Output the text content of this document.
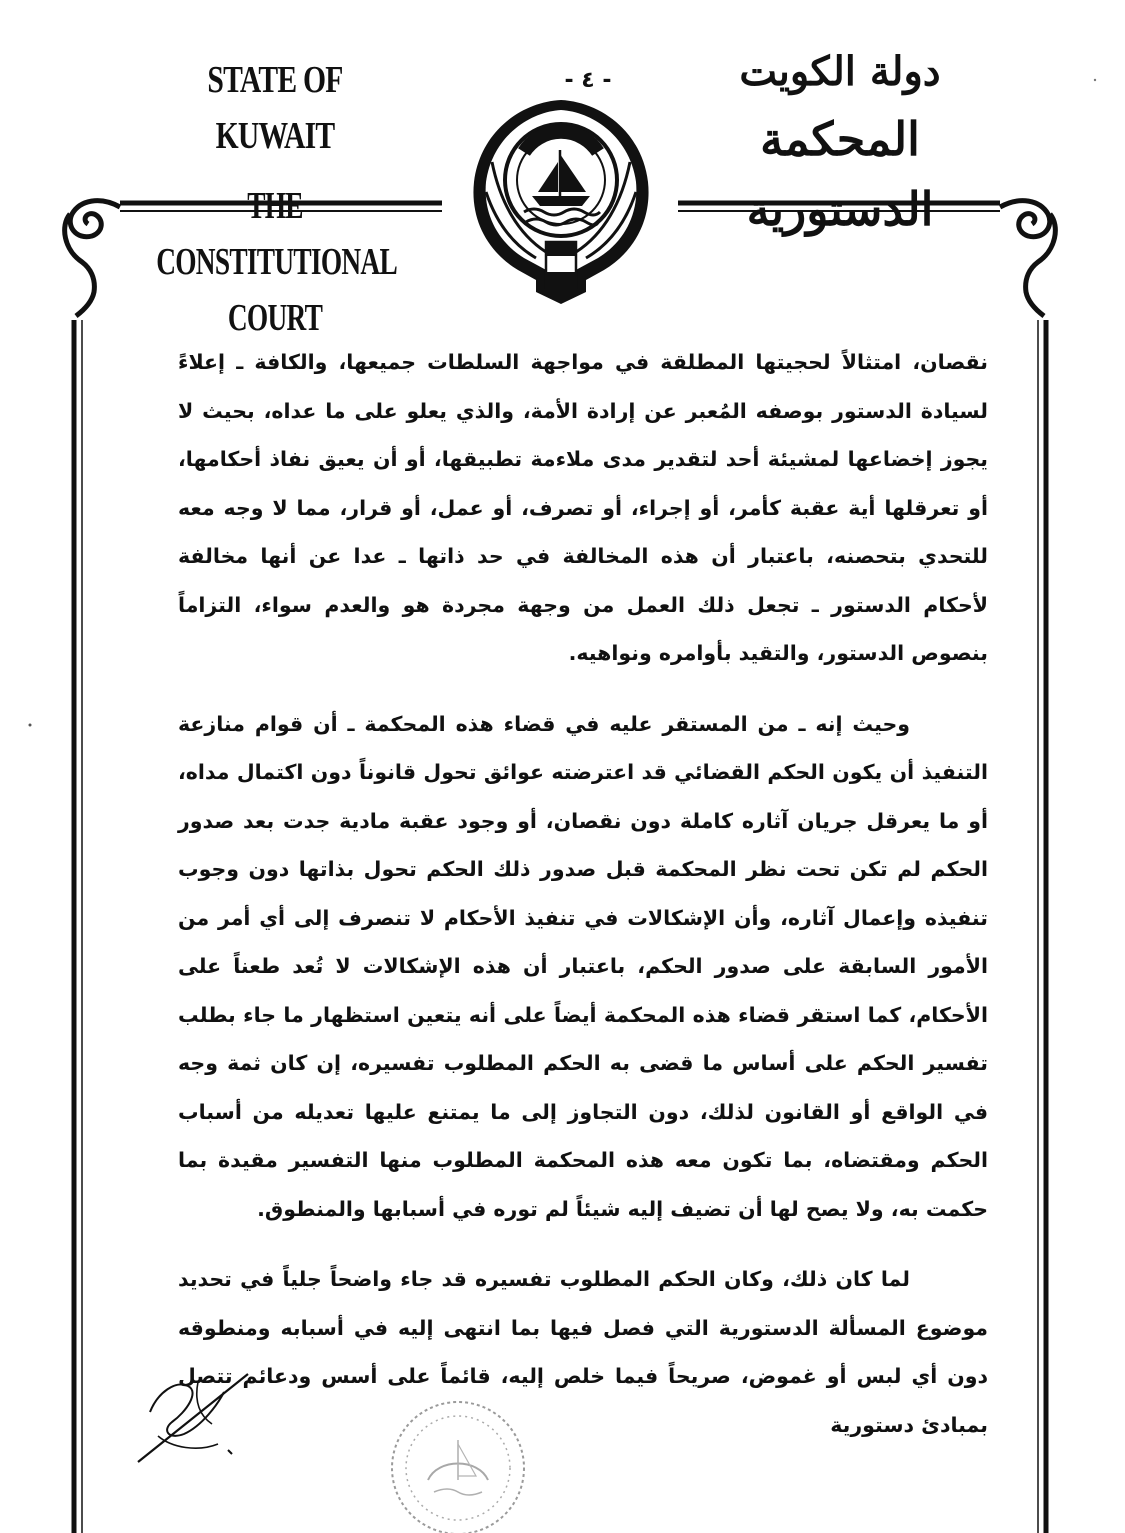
STATE OF KUWAIT
THE CONSTITUTIONAL COURT
- ٤ -	دولة الكويت
المحكمة الدستورية

نقصان، امتثالاً لحجيتها المطلقة في مواجهة السلطات جميعها، والكافة ـ إعلاءً لسيادة الدستور بوصفه المُعبر عن إرادة الأمة، والذي يعلو على ما عداه، بحيث لا يجوز إخضاعها لمشيئة أحد لتقدير مدى ملاءمة تطبيقها، أو أن يعيق نفاذ أحكامها، أو تعرقلها أية عقبة كأمر، أو إجراء، أو تصرف، أو عمل، أو قرار، مما لا وجه معه للتحدي بتحصنه، باعتبار أن هذه المخالفة في حد ذاتها ـ عدا عن أنها مخالفة لأحكام الدستور ـ تجعل ذلك العمل من وجهة مجردة هو والعدم سواء، التزاماً بنصوص الدستور، والتقيد بأوامره ونواهيه.

وحيث إنه ـ من المستقر عليه في قضاء هذه المحكمة ـ أن قوام منازعة التنفيذ أن يكون الحكم القضائي قد اعترضته عوائق تحول قانوناً دون اكتمال مداه، أو ما يعرقل جريان آثاره كاملة دون نقصان، أو وجود عقبة مادية جدت بعد صدور الحكم لم تكن تحت نظر المحكمة قبل صدور ذلك الحكم تحول بذاتها دون وجوب تنفيذه وإعمال آثاره، وأن الإشكالات في تنفيذ الأحكام لا تنصرف إلى أي أمر من الأمور السابقة على صدور الحكم، باعتبار أن هذه الإشكالات لا تُعد طعناً على الأحكام، كما استقر قضاء هذه المحكمة أيضاً على أنه يتعين استظهار ما جاء بطلب تفسير الحكم على أساس ما قضى به الحكم المطلوب تفسيره، إن كان ثمة وجه في الواقع أو القانون لذلك، دون التجاوز إلى ما يمتنع عليها تعديله من أسباب الحكم ومقتضاه، بما تكون معه هذه المحكمة المطلوب منها التفسير مقيدة بما حكمت به، ولا يصح لها أن تضيف إليه شيئاً لم توره في أسبابها والمنطوق.

لما كان ذلك، وكان الحكم المطلوب تفسيره قد جاء واضحاً جلياً في تحديد موضوع المسألة الدستورية التي فصل فيها بما انتهى إليه في أسبابه ومنطوقه دون أي لبس أو غموض، صريحاً فيما خلص إليه، قائماً على أسس ودعائم تتصل بمبادئ دستورية
